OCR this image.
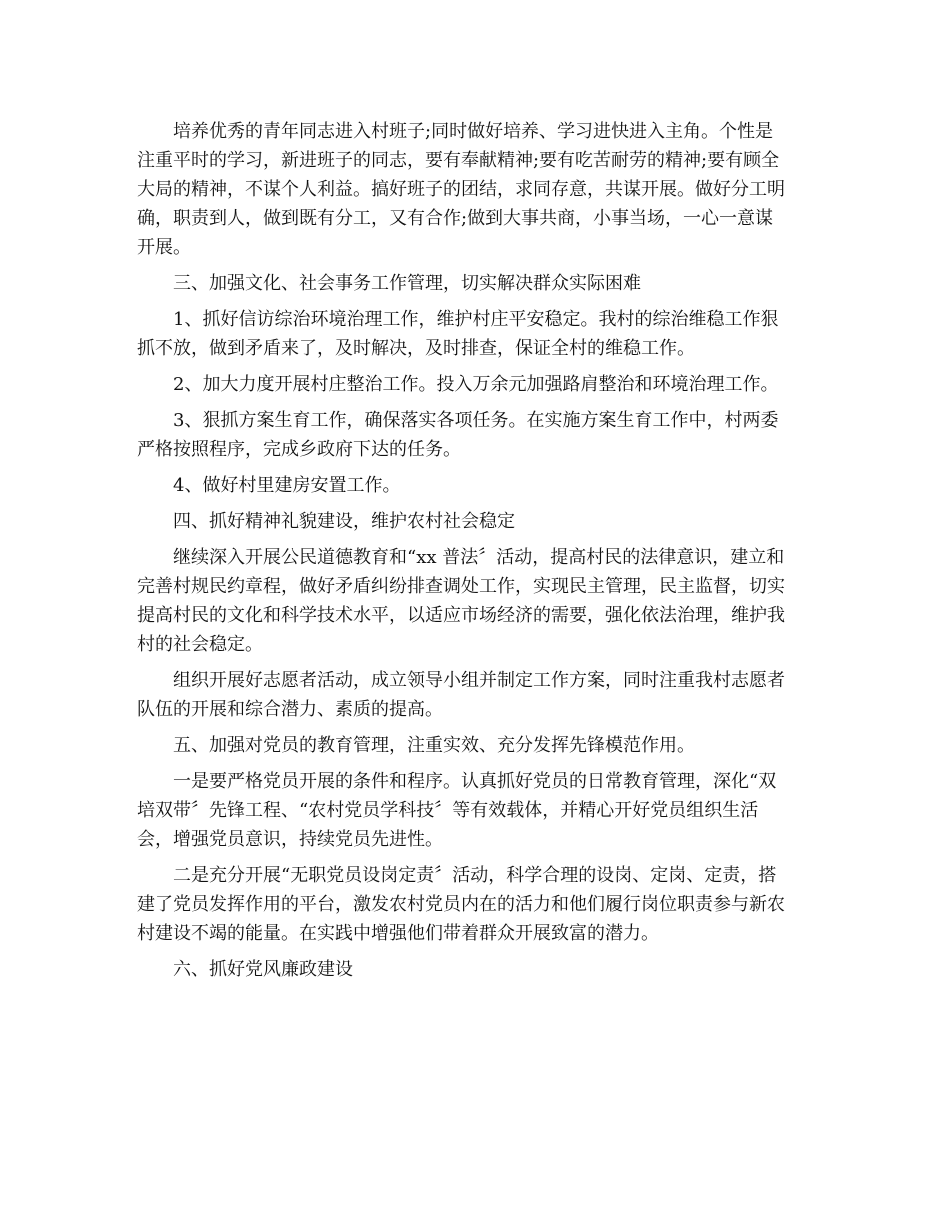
培养优秀的青年同志进入村班子;同时做好培养、学习进快进入主角。个性是
注重平时的学习，新进班子的同志，要有奉献精神;要有吃苦耐劳的精神;要有顾全
大局的精神，不谋个人利益。搞好班子的团结，求同存意，共谋开展。做好分工明
确，职责到人，做到既有分工，又有合作;做到大事共商，小事当场，一心一意谋
开展。
三、加强文化、社会事务工作管理，切实解决群众实际困难
1、抓好信访综治环境治理工作，维护村庄平安稳定。我村的综治维稳工作狠
抓不放，做到矛盾来了，及时解决，及时排查，保证全村的维稳工作。
2、加大力度开展村庄整治工作。投入万余元加强路肩整治和环境治理工作。
3、狠抓方案生育工作，确保落实各项任务。在实施方案生育工作中，村两委
严格按照程序，完成乡政府下达的任务。
4、做好村里建房安置工作。
四、抓好精神礼貌建设，维护农村社会稳定
继续深入开展公民道德教育和“xx 普法〞活动，提高村民的法律意识，建立和
完善村规民约章程，做好矛盾纠纷排查调处工作，实现民主管理，民主监督，切实
提高村民的文化和科学技术水平，以适应市场经济的需要，强化依法治理，维护我
村的社会稳定。
组织开展好志愿者活动，成立领导小组并制定工作方案，同时注重我村志愿者
队伍的开展和综合潜力、素质的提高。
五、加强对党员的教育管理，注重实效、充分发挥先锋模范作用。
一是要严格党员开展的条件和程序。认真抓好党员的日常教育管理，深化“双
培双带〞先锋工程、“农村党员学科技〞等有效载体，并精心开好党员组织生活
会，增强党员意识，持续党员先进性。
二是充分开展“无职党员设岗定责〞活动，科学合理的设岗、定岗、定责，搭
建了党员发挥作用的平台，激发农村党员内在的活力和他们履行岗位职责参与新农
村建设不竭的能量。在实践中增强他们带着群众开展致富的潜力。
六、抓好党风廉政建设
